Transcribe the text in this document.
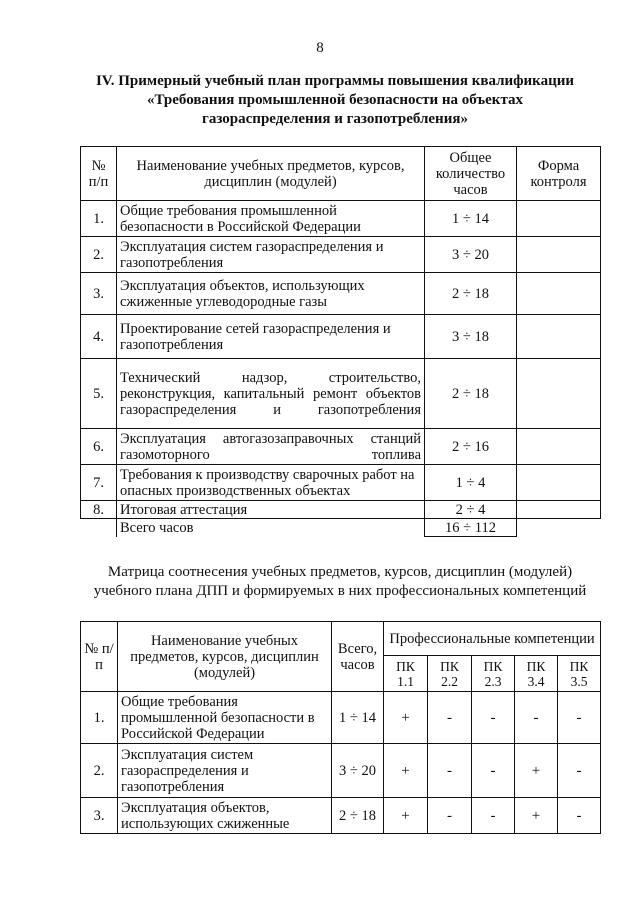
8
IV. Примерный учебный план программы повышения квалификации
«Требования промышленной безопасности на объектах
газораспределения и газопотребления»
№ п/п	Наименование учебных предметов, курсов, дисциплин (модулей)	Общее количество часов	Форма контроля
1.	Общие требования промышленной безопасности в Российской Федерации	1 ÷ 14	
2.	Эксплуатация систем газораспределения и газопотребления	3 ÷ 20	
3.	Эксплуатация объектов, использующих сжиженные углеводородные газы	2 ÷ 18	
4.	Проектирование сетей газораспределения и газопотребления	3 ÷ 18	
5.	Технический надзор, строительство, реконструкция, капитальный ремонт объектов газораспределения и газопотребления	2 ÷ 18	
6.	Эксплуатация автогазозаправочных станций газомоторного топлива	2 ÷ 16	
7.	Требования к производству сварочных работ на опасных производственных объектах	1 ÷ 4	
8.	Итоговая аттестация	2 ÷ 4	
	Всего часов	16 ÷ 112	
Матрица соотнесения учебных предметов, курсов, дисциплин (модулей)
учебного плана ДПП и формируемых в них профессиональных компетенций
№ п/п	Наименование учебных предметов, курсов, дисциплин (модулей)	Всего, часов	Профессиональные компетенции				
			ПК 1.1	ПК 2.2	ПК 2.3	ПК 3.4	ПК 3.5
1.	Общие требования промышленной безопасности в Российской Федерации	1 ÷ 14	+	-	-	-	-
2.	Эксплуатация систем газораспределения и газопотребления	3 ÷ 20	+	-	-	+	-
3.	Эксплуатация объектов, использующих сжиженные	2 ÷ 18	+	-	-	+	-
